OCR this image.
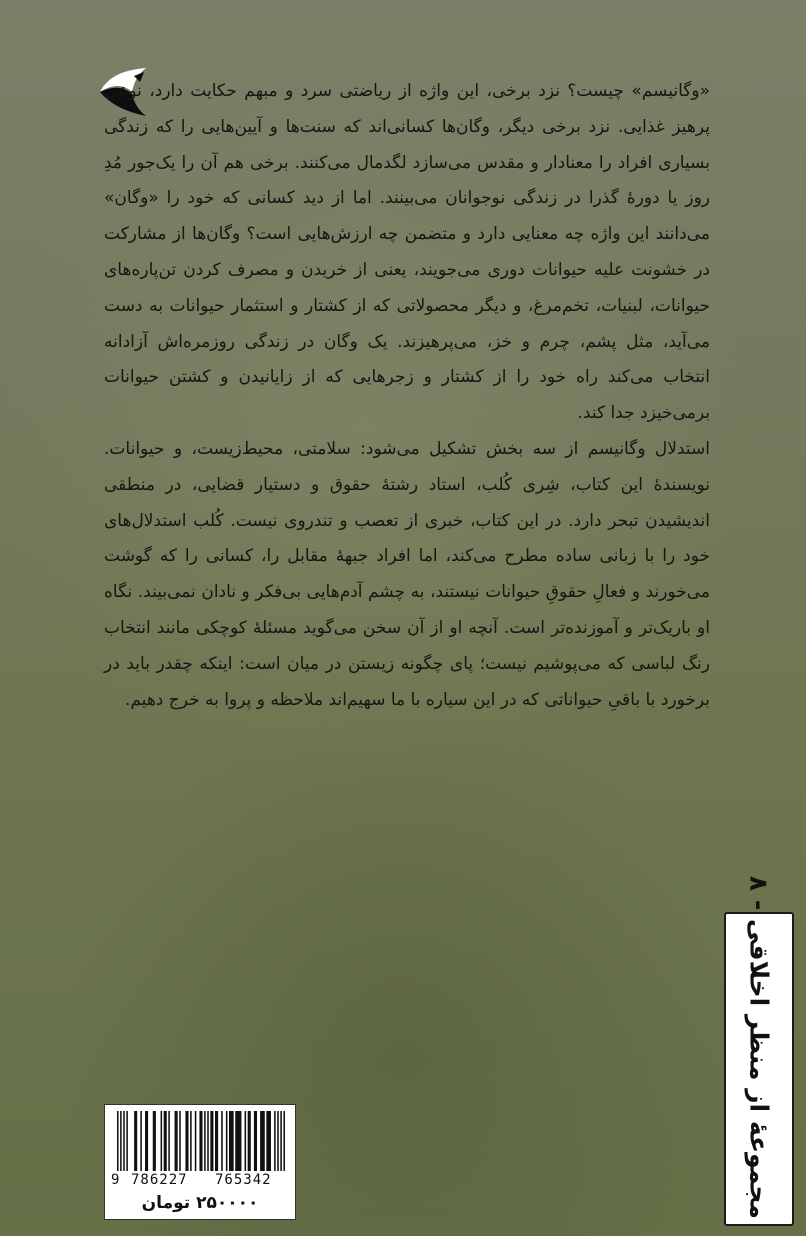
«وگانیسم» چیست؟ نزد برخی، این واژه از ریاضتی سرد و مبهم حکایت دارد، نوعی پرهیز غذایی. نزد برخی دیگر، وگان‌ها کسانی‌اند که سنت‌ها و آیین‌هایی را که زندگی بسیاری افراد را معنادار و مقدس می‌سازد لگدمال می‌کنند. برخی هم آن را یک‌جور مُدِ روز یا دورهٔ گذرا در زندگی نوجوانان می‌بینند. اما از دید کسانی که خود را «وگان» می‌دانند این واژه چه معنایی دارد و متضمن چه ارزش‌هایی است؟ وگان‌ها از مشارکت در خشونت علیه حیوانات دوری می‌جویند، یعنی از خریدن و مصرف کردن تن‌پاره‌های حیوانات، لبنیات، تخم‌مرغ، و دیگر محصولاتی که از کشتار و استثمار حیوانات به دست می‌آید، مثل پشم، چرم و خز، می‌پرهیزند. یک وگان در زندگی روزمره‌اش آزادانه انتخاب می‌کند راه خود را از کشتار و زجرهایی که از زایانیدن و کشتن حیوانات برمی‌خیزد جدا کند.

استدلال وگانیسم از سه بخش تشکیل می‌شود: سلامتی، محیط‌زیست، و حیوانات. نویسندهٔ این کتاب، شِری کُلب، استاد رشتهٔ حقوق و دستیار قضایی، در منطقی اندیشیدن تبحر دارد. در این کتاب، خبری از تعصب و تندروی نیست. کُلب استدلال‌های خود را با زبانی ساده مطرح می‌کند، اما افراد جبههٔ مقابل را، کسانی را که گوشت می‌خورند و فعالِ حقوقِ حیوانات نیستند، به چشم آدم‌هایی بی‌فکر و نادان نمی‌بیند. نگاه او باریک‌تر و آموزنده‌تر است. آنچه او از آن سخن می‌گوید مسئلهٔ کوچکی مانند انتخاب رنگ لباسی که می‌پوشیم نیست؛ پای چگونه زیستن در میان است: اینکه چقدر باید در برخورد با باقیِ حیواناتی که در این سیاره با ما سهیم‌اند ملاحظه و پروا به خرج دهیم.

9 786227 765342
۲۵۰۰۰۰ تومان
مجموعهٔ از منظر اخلاقی - ۸
